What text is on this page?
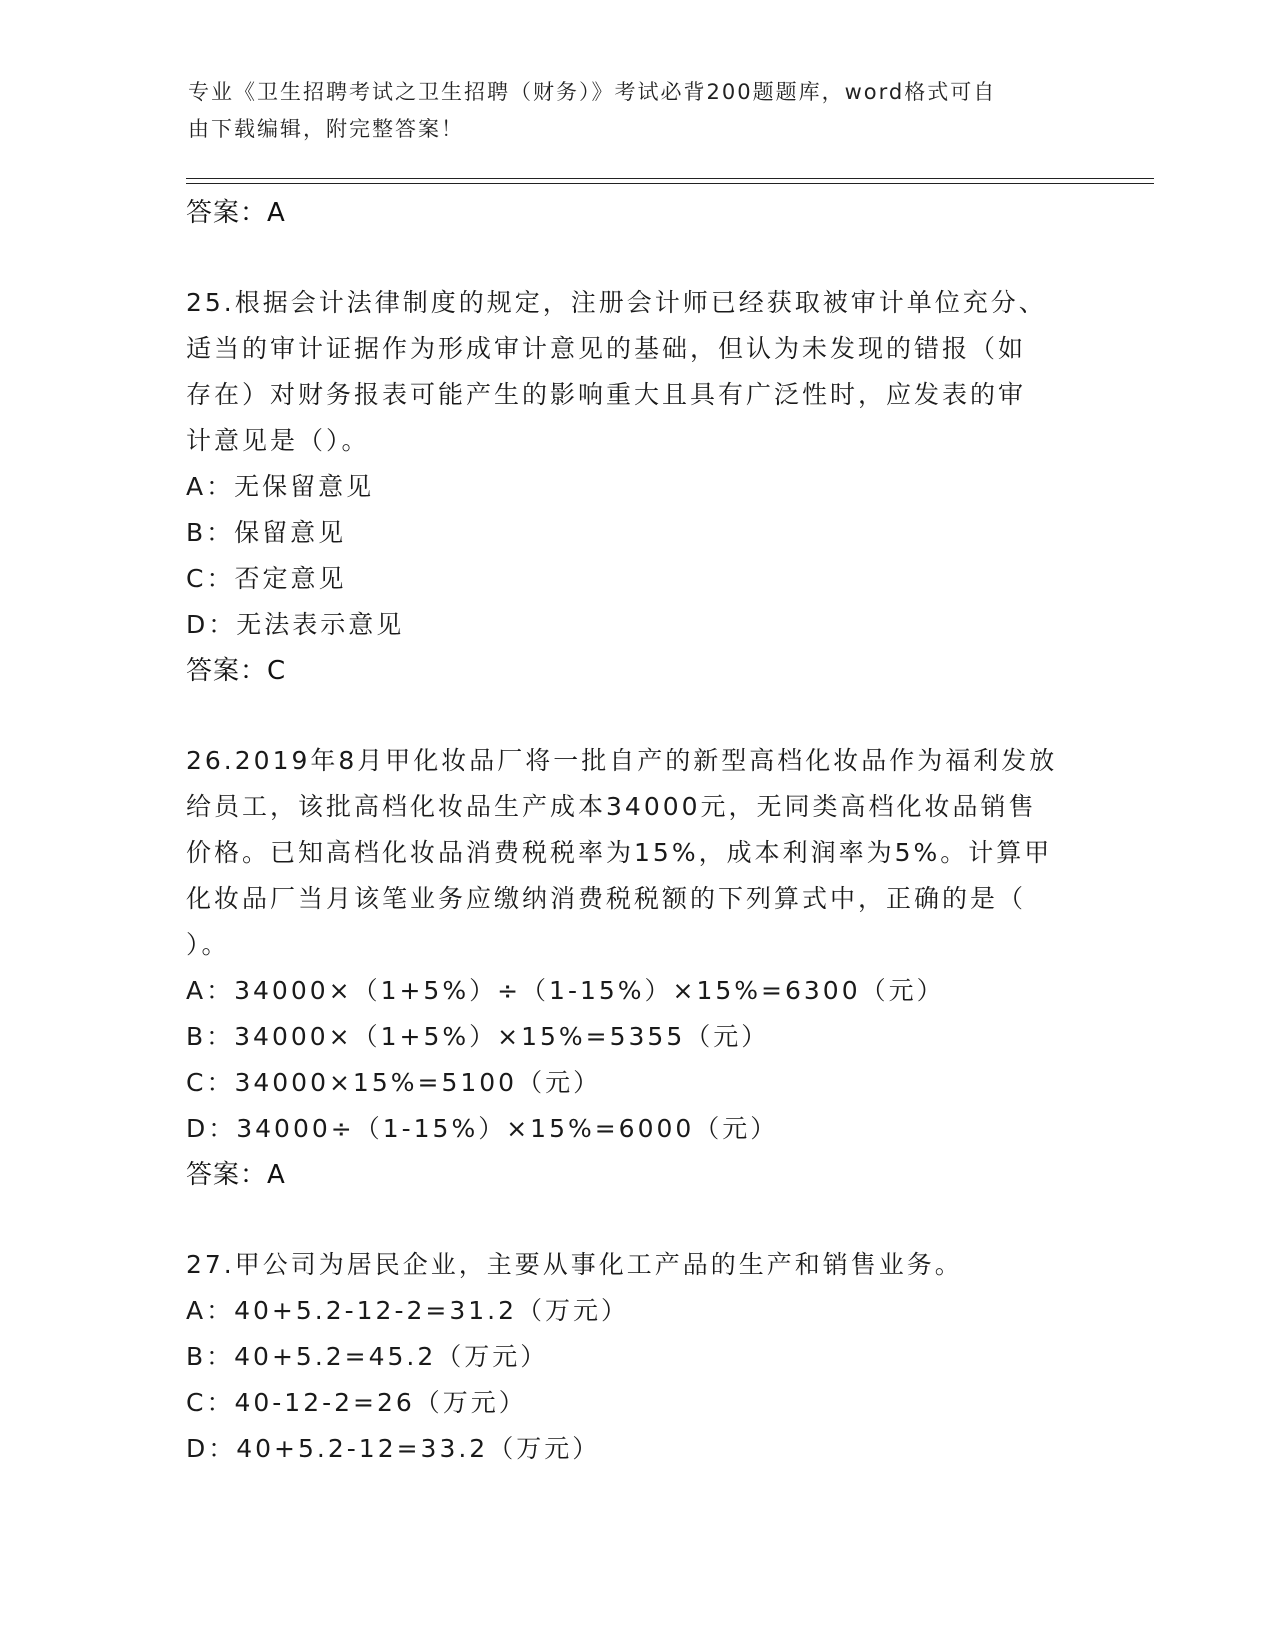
专业《卫生招聘考试之卫生招聘（财务）》考试必背200题题库，word格式可自
由下载编辑，附完整答案！
答案：A
25.根据会计法律制度的规定，注册会计师已经获取被审计单位充分、
适当的审计证据作为形成审计意见的基础，但认为未发现的错报（如
存在）对财务报表可能产生的影响重大且具有广泛性时，应发表的审
计意见是（）。
A：无保留意见
B：保留意见
C：否定意见
D：无法表示意见
答案：C
26.2019年8月甲化妆品厂将一批自产的新型高档化妆品作为福利发放
给员工，该批高档化妆品生产成本34000元，无同类高档化妆品销售
价格。已知高档化妆品消费税税率为15%，成本利润率为5%。计算甲
化妆品厂当月该笔业务应缴纳消费税税额的下列算式中，正确的是（
）。
A：34000×（1+5%）÷（1-15%）×15%=6300（元）
B：34000×（1+5%）×15%=5355（元）
C：34000×15%=5100（元）
D：34000÷（1-15%）×15%=6000（元）
答案：A
27.甲公司为居民企业，主要从事化工产品的生产和销售业务。
A：40+5.2-12-2=31.2（万元）
B：40+5.2=45.2（万元）
C：40-12-2=26（万元）
D：40+5.2-12=33.2（万元）
